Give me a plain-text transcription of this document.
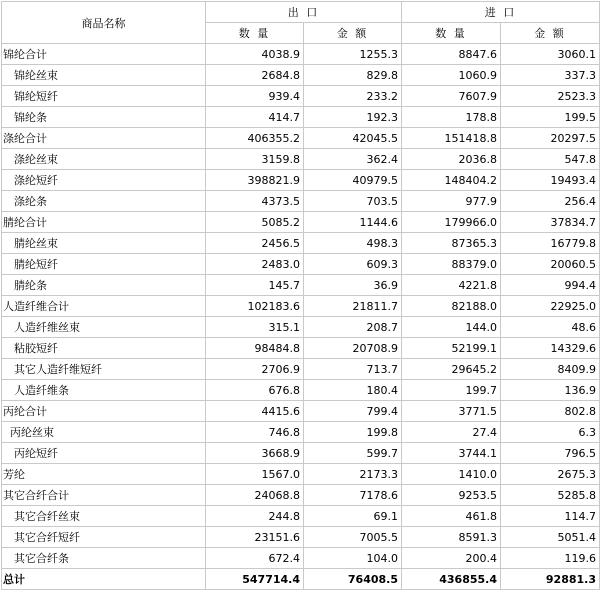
商品名称	出 口		进 口	
	数 量	金 额	数 量	金 额
锦纶合计	4038.9	1255.3	8847.6	3060.1
锦纶丝束	2684.8	829.8	1060.9	337.3
锦纶短纤	939.4	233.2	7607.9	2523.3
锦纶条	414.7	192.3	178.8	199.5
涤纶合计	406355.2	42045.5	151418.8	20297.5
涤纶丝束	3159.8	362.4	2036.8	547.8
涤纶短纤	398821.9	40979.5	148404.2	19493.4
涤纶条	4373.5	703.5	977.9	256.4
腈纶合计	5085.2	1144.6	179966.0	37834.7
腈纶丝束	2456.5	498.3	87365.3	16779.8
腈纶短纤	2483.0	609.3	88379.0	20060.5
腈纶条	145.7	36.9	4221.8	994.4
人造纤维合计	102183.6	21811.7	82188.0	22925.0
人造纤维丝束	315.1	208.7	144.0	48.6
粘胶短纤	98484.8	20708.9	52199.1	14329.6
其它人造纤维短纤	2706.9	713.7	29645.2	8409.9
人造纤维条	676.8	180.4	199.7	136.9
丙纶合计	4415.6	799.4	3771.5	802.8
丙纶丝束	746.8	199.8	27.4	6.3
丙纶短纤	3668.9	599.7	3744.1	796.5
芳纶	1567.0	2173.3	1410.0	2675.3
其它合纤合计	24068.8	7178.6	9253.5	5285.8
其它合纤丝束	244.8	69.1	461.8	114.7
其它合纤短纤	23151.6	7005.5	8591.3	5051.4
其它合纤条	672.4	104.0	200.4	119.6
总计	547714.4	76408.5	436855.4	92881.3
